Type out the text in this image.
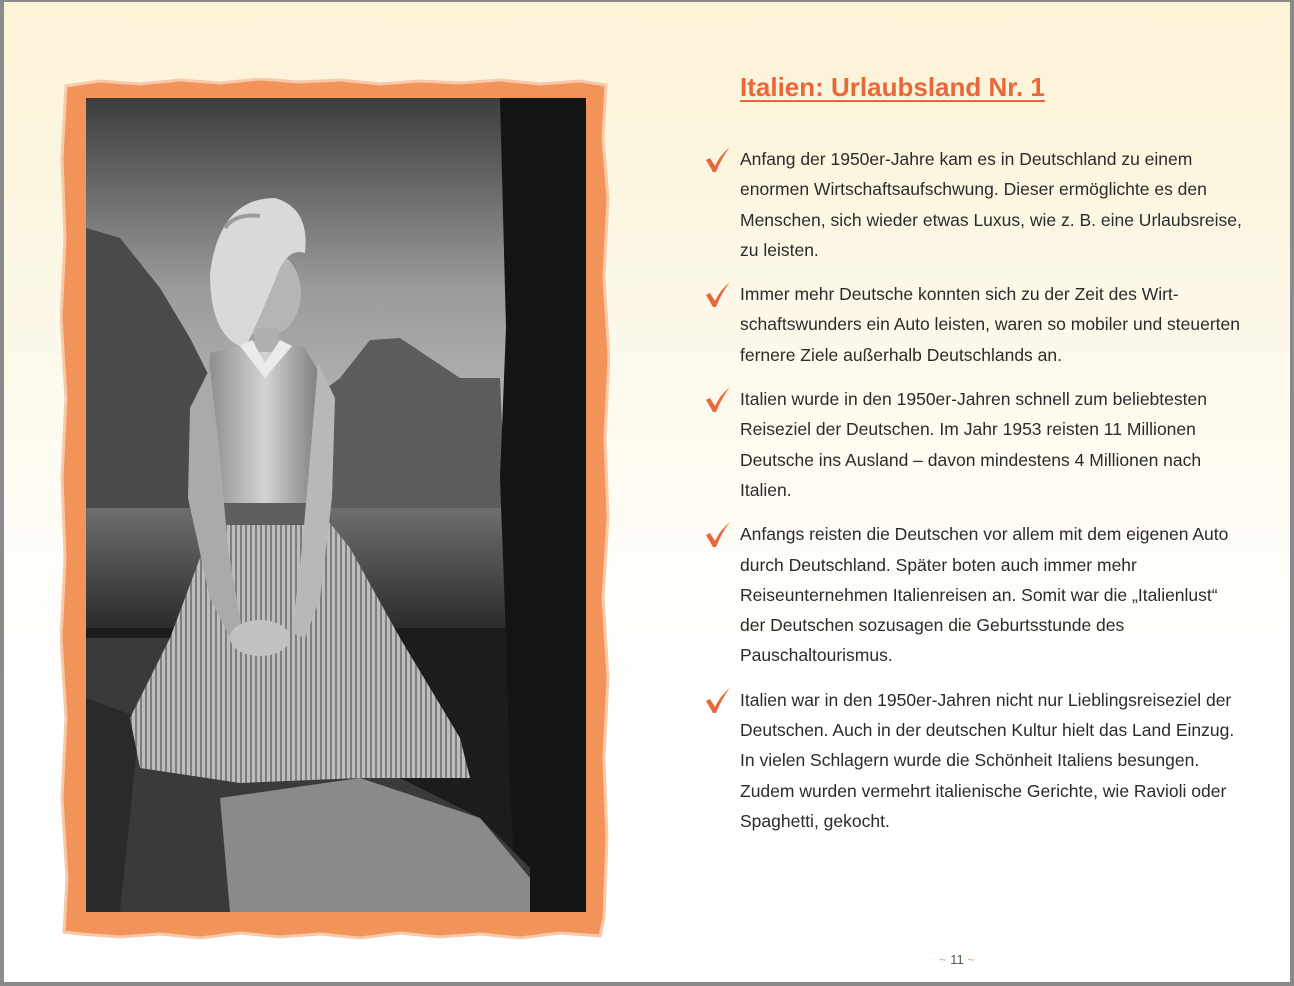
Italien: Urlaubsland Nr. 1
Anfang der 1950er-Jahre kam es in Deutschland zu einem enormen Wirtschaftsaufschwung. Dieser ermöglichte es den Menschen, sich wieder etwas Luxus, wie z. B. eine Urlaubsreise, zu leisten.
Immer mehr Deutsche konnten sich zu der Zeit des Wirtschaftswunders ein Auto leisten, waren so mobiler und steuerten fernere Ziele außerhalb Deutschlands an.
Italien wurde in den 1950er-Jahren schnell zum beliebtesten Reiseziel der Deutschen. Im Jahr 1953 reisten 11 Millionen Deutsche ins Ausland – davon mindestens 4 Millionen nach Italien.
Anfangs reisten die Deutschen vor allem mit dem eigenen Auto durch Deutschland. Später boten auch immer mehr Reiseunternehmen Italienreisen an. Somit war die „Italienlust“ der Deutschen sozusagen die Geburtsstunde des Pauschaltourismus.
Italien war in den 1950er-Jahren nicht nur Lieblingsreiseziel der Deutschen. Auch in der deutschen Kultur hielt das Land Einzug. In vielen Schlagern wurde die Schönheit Italiens besungen. Zudem wurden vermehrt italienische Gerichte, wie Ravioli oder Spaghetti, gekocht.
~ 11 ~
